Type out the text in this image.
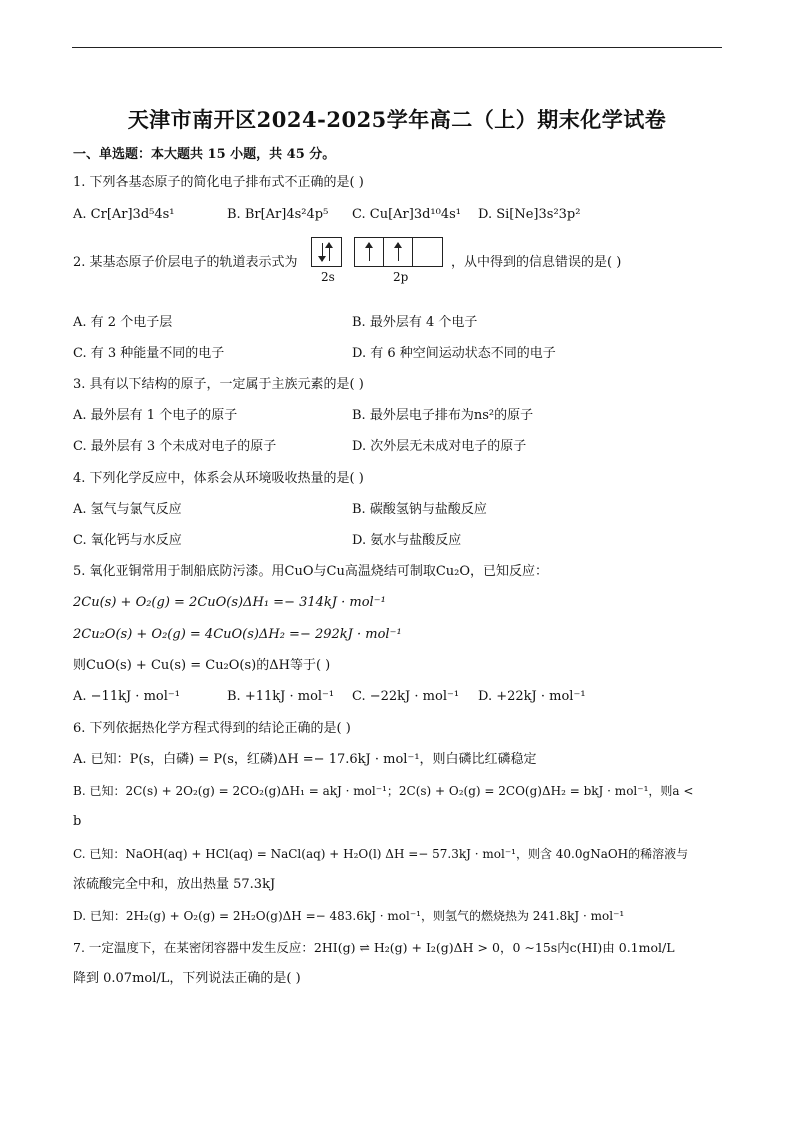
天津市南开区2024-2025学年高二（上）期末化学试卷
一、单选题：本大题共 15 小题，共 45 分。
1. 下列各基态原子的简化电子排布式不正确的是( )
A. Cr[Ar]3d⁵4s¹	B. Br[Ar]4s²4p⁵ C. Cu[Ar]3d¹⁰4s¹ D. Si[Ne]3s²3p²
2. 某基态原子价层电子的轨道表示式为
2s	2p
，从中得到的信息错误的是( )
A. 有 2 个电子层	B. 最外层有 4 个电子
C. 有 3 种能量不同的电子	D. 有 6 种空间运动状态不同的电子
3. 具有以下结构的原子，一定属于主族元素的是( )
A. 最外层有 1 个电子的原子	B. 最外层电子排布为ns²的原子
C. 最外层有 3 个未成对电子的原子	D. 次外层无未成对电子的原子
4. 下列化学反应中，体系会从环境吸收热量的是( )
A. 氢气与氯气反应	B. 碳酸氢钠与盐酸反应
C. 氧化钙与水反应	D. 氨水与盐酸反应
5. 氧化亚铜常用于制船底防污漆。用CuO与Cu高温烧结可制取Cu₂O，已知反应：
2Cu(s) + O₂(g) = 2CuO(s)ΔH₁ =− 314kJ · mol⁻¹
2Cu₂O(s) + O₂(g) = 4CuO(s)ΔH₂ =− 292kJ · mol⁻¹
则CuO(s) + Cu(s) = Cu₂O(s)的ΔH等于( )
A. −11kJ · mol⁻¹	B. +11kJ · mol⁻¹ C. −22kJ · mol⁻¹ D. +22kJ · mol⁻¹
6. 下列依据热化学方程式得到的结论正确的是( )
A. 已知：P(s，白磷) = P(s，红磷)ΔH =− 17.6kJ · mol⁻¹，则白磷比红磷稳定
B. 已知：2C(s) + 2O₂(g) = 2CO₂(g)ΔH₁ = akJ · mol⁻¹；2C(s) + O₂(g) = 2CO(g)ΔH₂ = bkJ · mol⁻¹，则a <
b
C. 已知：NaOH(aq) + HCl(aq) = NaCl(aq) + H₂O(l) ΔH =− 57.3kJ · mol⁻¹，则含 40.0gNaOH的稀溶液与
浓硫酸完全中和，放出热量 57.3kJ
D. 已知：2H₂(g) + O₂(g) = 2H₂O(g)ΔH =− 483.6kJ · mol⁻¹，则氢气的燃烧热为 241.8kJ · mol⁻¹
7. 一定温度下，在某密闭容器中发生反应：2HI(g) ⇌ H₂(g) + I₂(g)ΔH > 0，0 ∼15s内c(HI)由 0.1mol/L
降到 0.07mol/L，下列说法正确的是( )
